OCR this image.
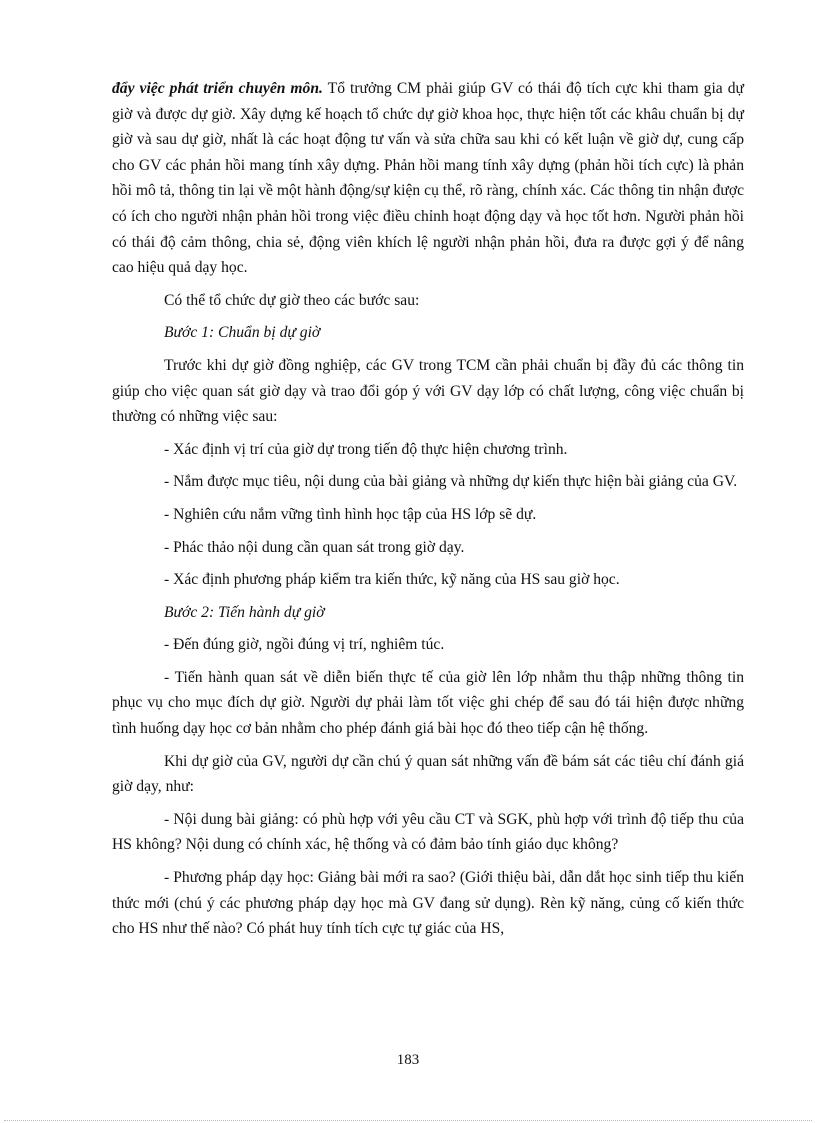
đẩy việc phát triển chuyên môn. Tổ trưởng CM phải giúp GV có thái độ tích cực khi tham gia dự giờ và được dự giờ. Xây dựng kế hoạch tổ chức dự giờ khoa học, thực hiện tốt các khâu chuẩn bị dự giờ và sau dự giờ, nhất là các hoạt động tư vấn và sửa chữa sau khi có kết luận về giờ dự, cung cấp cho GV các phản hồi mang tính xây dựng. Phản hồi mang tính xây dựng (phản hồi tích cực) là phản hồi mô tả, thông tin lại về một hành động/sự kiện cụ thể, rõ ràng, chính xác. Các thông tin nhận được có ích cho người nhận phản hồi trong việc điều chỉnh hoạt động dạy và học tốt hơn. Người phản hồi có thái độ cảm thông, chia sẻ, động viên khích lệ người nhận phản hồi, đưa ra được gợi ý để nâng cao hiệu quả dạy học.

Có thể tổ chức dự giờ theo các bước sau:

Bước 1: Chuẩn bị dự giờ

Trước khi dự giờ đồng nghiệp, các GV trong TCM cần phải chuẩn bị đầy đủ các thông tin giúp cho việc quan sát giờ dạy và trao đổi góp ý với GV dạy lớp có chất lượng, công việc chuẩn bị thường có những việc sau:

- Xác định vị trí của giờ dự trong tiến độ thực hiện chương trình.

- Nắm được mục tiêu, nội dung của bài giảng và những dự kiến thực hiện bài giảng của GV.

- Nghiên cứu nắm vững tình hình học tập của HS lớp sẽ dự.

- Phác thảo nội dung cần quan sát trong giờ dạy.

- Xác định phương pháp kiểm tra kiến thức, kỹ năng của HS sau giờ học.

Bước 2: Tiến hành dự giờ

- Đến đúng giờ, ngồi đúng vị trí, nghiêm túc.

- Tiến hành quan sát về diễn biến thực tế của giờ lên lớp nhằm thu thập những thông tin phục vụ cho mục đích dự giờ. Người dự phải làm tốt việc ghi chép để sau đó tái hiện được những tình huống dạy học cơ bản nhằm cho phép đánh giá bài học đó theo tiếp cận hệ thống.

Khi dự giờ của GV, người dự cần chú ý quan sát những vấn đề bám sát các tiêu chí đánh giá giờ dạy, như:

- Nội dung bài giảng: có phù hợp với yêu cầu CT và SGK, phù hợp với trình độ tiếp thu của HS không? Nội dung có chính xác, hệ thống và có đảm bảo tính giáo dục không?

- Phương pháp dạy học: Giảng bài mới ra sao? (Giới thiệu bài, dẫn dắt học sinh tiếp thu kiến thức mới (chú ý các phương pháp dạy học mà GV đang sử dụng). Rèn kỹ năng, củng cố kiến thức cho HS như thế nào? Có phát huy tính tích cực tự giác của HS,

183
